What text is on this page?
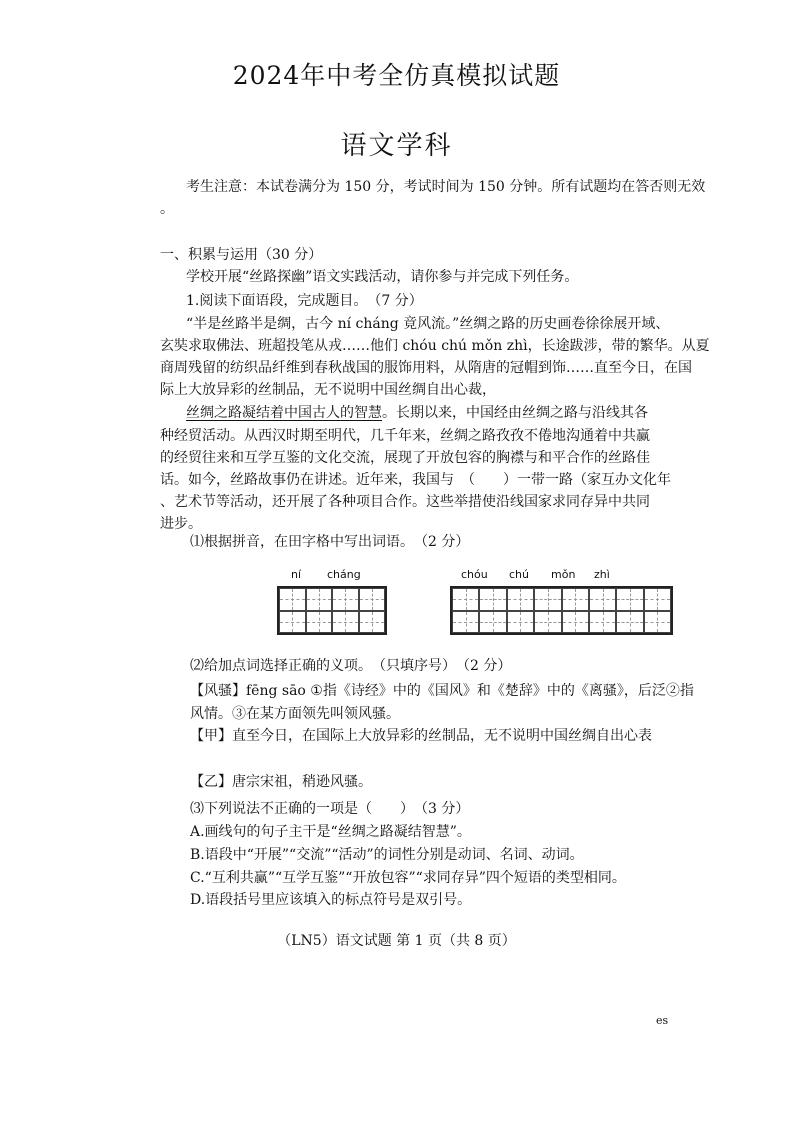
2024年中考全仿真模拟试题
语文学科
考生注意：本试卷满分为 150 分，考试时间为 150 分钟。所有试题均在答否则无效
。
一、积累与运用（30 分）
学校开展“丝路探幽”语文实践活动，请你参与并完成下列任务。
1.阅读下面语段，完成题目。　（7 分）
“半是丝路半是绸，古今 ní cháng 竟风流。”丝绸之路的历史画卷徐徐展开域、
玄奘求取佛法、班超投笔从戎……他们 chóu chú mǒn zhì，长途跋涉，带的繁华。从夏
商周残留的纺织品纤维到春秋战国的服饰用料，从隋唐的冠帽到饰……直至今日，在国
际上大放异彩的丝制品，无不说明中国丝绸自出心裁，
丝绸之路凝结着中国古人的智慧。长期以来，中国经由丝绸之路与沿线其各
种经贸活动。从西汉时期至明代，几千年来，丝绸之路孜孜不倦地沟通着中共赢
的经贸往来和互学互鉴的文化交流，展现了开放包容的胸襟与和平合作的丝路佳
话。如今，丝路故事仍在讲述。近年来，我国与　（　　）一带一路（家互办文化年
、艺术节等活动，还开展了各种项目合作。这些举措使沿线国家求同存异中共同
进步。
⑴根据拼音，在田字格中写出词语。　（2 分）
ní cháng	chóu chú mǒn zhì
⑵给加点词选择正确的义项。　（只填序号）　（2 分）
【风骚】fēng sāo ①指《诗经》中的《国风》和《楚辞》中的《离骚》，后泛②指
风情。③在某方面领先叫领风骚。
【甲】直至今日，在国际上大放异彩的丝制品，无不说明中国丝绸自出心表
【乙】唐宗宋祖，稍逊风骚。
⑶下列说法不正确的一项是（　　）　（3 分）
A.画线句的句子主干是“丝绸之路凝结智慧”。
B.语段中“开展”“交流”“活动”的词性分别是动词、名词、动词。
C.“互利共赢”“互学互鉴”“开放包容”“求同存异”四个短语的类型相同。
D.语段括号里应该填入的标点符号是双引号。
（LN5）语文试题 第 1 页（共 8 页）
es
